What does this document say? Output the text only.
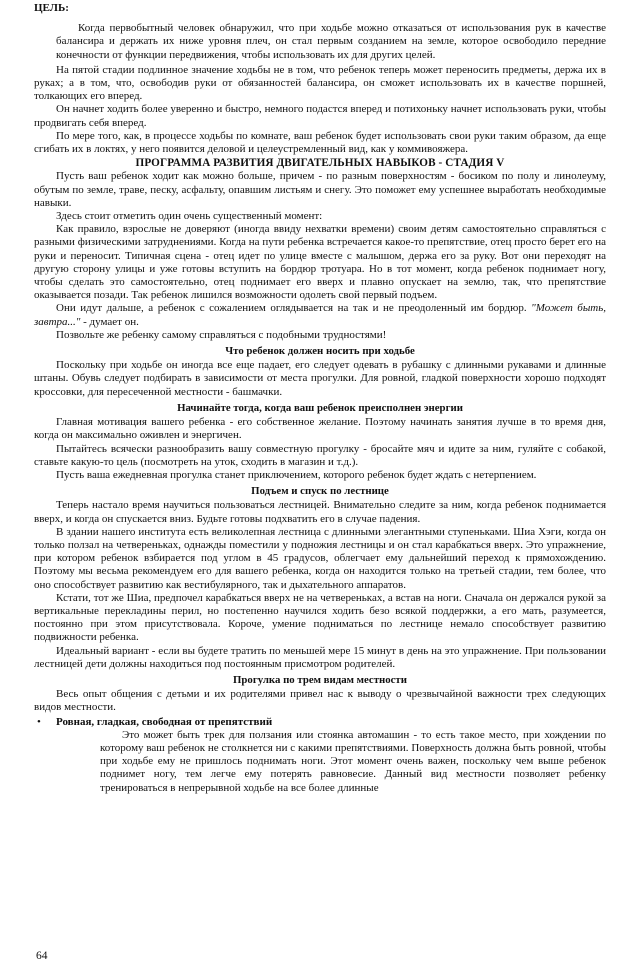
ЦЕЛЬ:

Когда первобытный человек обнаружил, что при ходьбе можно отказаться от использования рук в качестве балансира и держать их ниже уровня плеч, он стал первым созданием на земле, которое освободило передние конечности от функции передвижения, чтобы использовать их для других целей.

На пятой стадии подлинное значение ходьбы не в том, что ребенок теперь может переносить предметы, держа их в руках; а в том, что, освободив руки от обязанностей балансира, он сможет использовать их в качестве поршней, толкающих его вперед.

Он начнет ходить более уверенно и быстро, немного подастся вперед и потихоньку начнет использовать руки, чтобы продвигать себя вперед.

По мере того, как, в процессе ходьбы по комнате, ваш ребенок будет использовать свои руки таким образом, да еще сгибать их в локтях, у него появится деловой и целеустремленный вид, как у коммивояжера.

ПРОГРАММА РАЗВИТИЯ ДВИГАТЕЛЬНЫХ НАВЫКОВ - СТАДИЯ V

Пусть ваш ребенок ходит как можно больше, причем - по разным поверхностям - босиком по полу и линолеуму, обутым по земле, траве, песку, асфальту, опавшим листьям и снегу. Это поможет ему успешнее выработать необходимые навыки.

Здесь стоит отметить один очень существенный момент:

Как правило, взрослые не доверяют (иногда ввиду нехватки времени) своим детям самостоятельно справляться с разными физическими затруднениями. Когда на пути ребенка встречается какое-то препятствие, отец просто берет его на руки и переносит. Типичная сцена - отец идет по улице вместе с малышом, держа его за руку. Вот они переходят на другую сторону улицы и уже готовы вступить на бордюр тротуара. Но в тот момент, когда ребенок поднимает ногу, чтобы сделать это самостоятельно, отец поднимает его вверх и плавно опускает на землю, так, что препятствие оказывается позади. Так ребенок лишился возможности одолеть свой первый подъем.

Они идут дальше, а ребенок с сожалением оглядывается на так и не преодоленный им бордюр. "Может быть, завтра..." - думает он.

Позвольте же ребенку самому справляться с подобными трудностями!

Что ребенок должен носить при ходьбе

Поскольку при ходьбе он иногда все еще падает, его следует одевать в рубашку с длинными рукавами и длинные штаны. Обувь следует подбирать в зависимости от места прогулки. Для ровной, гладкой поверхности хорошо подходят кроссовки, для пересеченной местности - башмачки.

Начинайте тогда, когда ваш ребенок преисполнен энергии

Главная мотивация вашего ребенка - его собственное желание. Поэтому начинать занятия лучше в то время дня, когда он максимально оживлен и энергичен.

Пытайтесь всячески разнообразить вашу совместную прогулку - бросайте мяч и идите за ним, гуляйте с собакой, ставьте какую-то цель (посмотреть на уток, сходить в магазин и т.д.).

Пусть ваша ежедневная прогулка станет приключением, которого ребенок будет ждать с нетерпением.

Подъем и спуск по лестнице

Теперь настало время научиться пользоваться лестницей. Внимательно следите за ним, когда ребенок поднимается вверх, и когда он спускается вниз. Будьте готовы подхватить его в случае падения.

В здании нашего института есть великолепная лестница с длинными элегантными ступеньками. Шиа Хэги, когда он только ползал на четвереньках, однажды поместили у подножия лестницы и он стал карабкаться вверх. Это упражнение, при котором ребенок взбирается под углом в 45 градусов, облегчает ему дальнейший переход к прямохождению. Поэтому мы весьма рекомендуем его для вашего ребенка, когда он находится только на третьей стадии, тем более, что оно способствует развитию как вестибулярного, так и дыхательного аппаратов.

Кстати, тот же Шиа, предпочел карабкаться вверх не на четвереньках, а встав на ноги. Сначала он держался рукой за вертикальные перекладины перил, но постепенно научился ходить безо всякой поддержки, а его мать, разумеется, постоянно при этом присутствовала. Короче, умение подниматься по лестнице немало способствует развитию подвижности ребенка.

Идеальный вариант - если вы будете тратить по меньшей мере 15 минут в день на это упражнение. При пользовании лестницей дети должны находиться под постоянным присмотром родителей.

Прогулка по трем видам местности

Весь опыт общения с детьми и их родителями привел нас к выводу о чрезвычайной важности трех следующих видов местности.

• Ровная, гладкая, свободная от препятствий
Это может быть трек для ползания или стоянка автомашин - то есть такое место, при хождении по которому ваш ребенок не столкнется ни с какими препятствиями. Поверхность должна быть ровной, чтобы при ходьбе ему не пришлось поднимать ноги. Этот момент очень важен, поскольку чем выше ребенок поднимет ногу, тем легче ему потерять равновесие. Данный вид местности позволяет ребенку тренироваться в непрерывной ходьбе на все более длинные
64
